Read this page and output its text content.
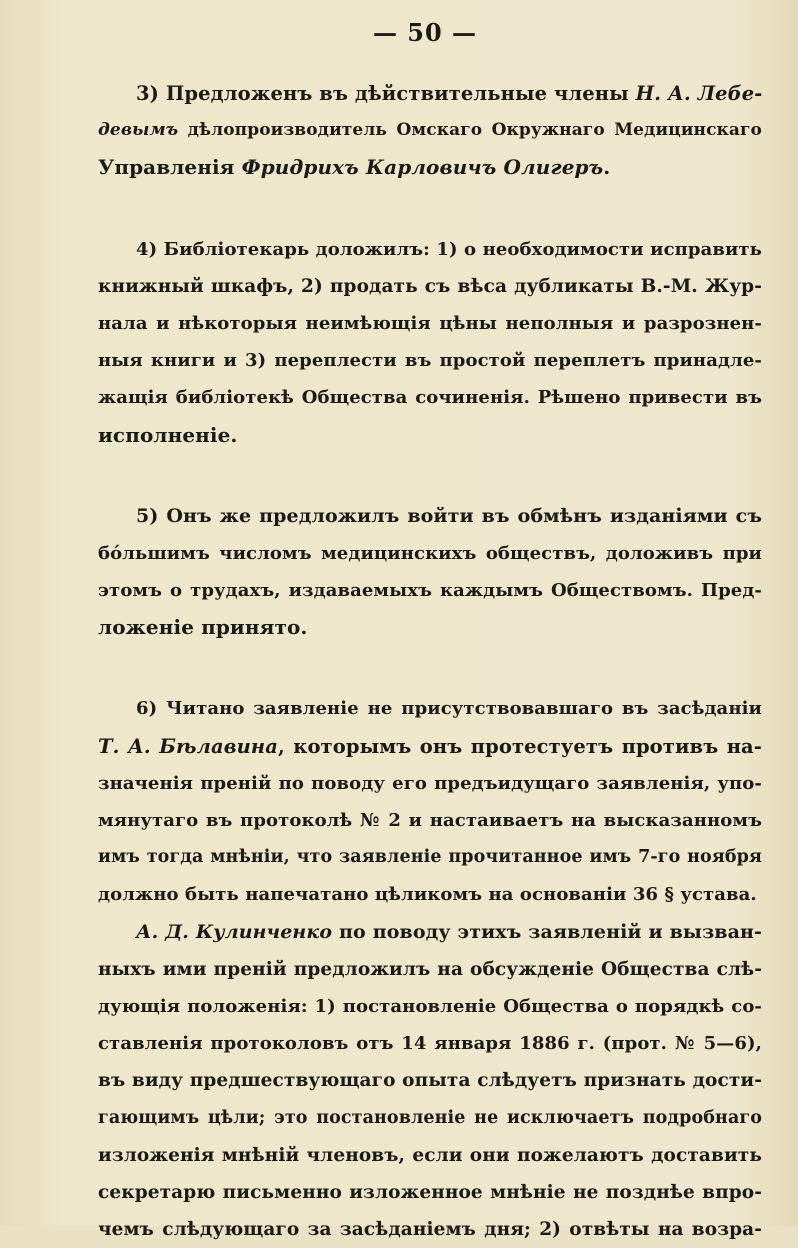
— 50 —
3) Предложенъ въ дѣйствительные члены Н. А. Лебе-
девымъ дѣлопроизводитель Омскаго Окружнаго Медицинскаго
Управленія Фридрихъ Карловичъ Олигеръ.
4) Библіотекарь доложилъ: 1) о необходимости исправить
книжный шкафъ, 2) продать съ вѣса дубликаты В.-М. Жур-
нала и нѣкоторыя неимѣющія цѣны неполныя и разрознен-
ныя книги и 3) переплести въ простой переплетъ принадле-
жащія библіотекѣ Общества сочиненія. Рѣшено привести въ
исполненіе.
5) Онъ же предложилъ войти въ обмѣнъ изданіями съ
бо́льшимъ числомъ медицинскихъ обществъ, доложивъ при
этомъ о трудахъ, издаваемыхъ каждымъ Обществомъ. Пред-
ложеніе принято.
6) Читано заявленіе не присутствовавшаго въ засѣданіи
Т. А. Бѣлавина, которымъ онъ протестуетъ противъ на-
значенія преній по поводу его предъидущаго заявленія, упо-
мянутаго въ протоколѣ № 2 и настаиваетъ на высказанномъ
имъ тогда мнѣніи, что заявленіе прочитанное имъ 7-го ноября
должно быть напечатано цѣликомъ на основаніи 36 § устава.
А. Д. Кулинченко по поводу этихъ заявленій и вызван-
ныхъ ими преній предложилъ на обсужденіе Общества слѣ-
дующія положенія: 1) постановленіе Общества о порядкѣ со-
ставленія протоколовъ отъ 14 января 1886 г. (прот. № 5—6),
въ виду предшествующаго опыта слѣдуетъ признать дости-
гающимъ цѣли; это постановленіе не исключаетъ подробнаго
изложенія мнѣній членовъ, если они пожелаютъ доставить
секретарю письменно изложенное мнѣніе не позднѣе впро-
чемъ слѣдующаго за засѣданіемъ дня; 2) отвѣты на возра-
